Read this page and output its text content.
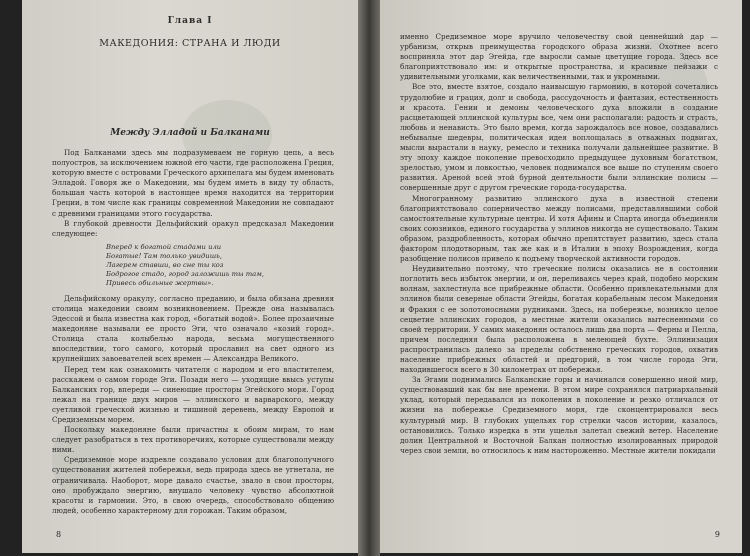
Глава I
МАКЕДОНИЯ: СТРАНА И ЛЮДИ
Между Элладой и Балканами

Под Балканами здесь мы подразумеваем не горную цепь, а весь полуостров, за исключением южной его части, где расположена Греция, которую вместе с островами Греческого архипелага мы будем именовать Элладой. Говоря же о Македонии, мы будем иметь в виду ту область, большая часть которой в настоящее время находится на территории Греции, в том числе как границы современной Македонии не совпадают с древними границами этого государства.

В глубокой древности Дельфийский оракул предсказал Македонии следующее:

Вперед к богатой стадами или
Богатые! Там только увидишь,
Лагерем ставши, во сне ты коз
Бодрогое стадо, город заложишь ты там,
Привесь обильные жертвы».

Дельфийскому оракулу, согласно преданию, и была обязана древняя столица македонии своим возникновением. Прежде она называлась Эдессой и была известна как город, «богатый водой». Более прозаичные македоняне называли ее просто Эги, что означало «козий город». Столица стала колыбелью народа, весьма могущественного впоследствии, того самого, который прославил на свет одного из крупнейших завоевателей всех времен — Александра Великого.

Перед тем как ознакомить читателя с народом и его властителем, расскажем о самом городе Эги. Позади него — уходящие ввысь уступы Балканских гор, впереди — синеющие просторы Эгейского моря. Город лежал на границе двух миров — эллинского и варварского, между суетливой греческой жизнью и тишиной деревень, между Европой и Средиземным морем.

Поскольку македоняне были причастны к обоим мирам, то нам следует разобраться в тех противоречиях, которые существовали между ними.

Средиземное море издревле создавало условия для благополучного существования жителей побережья, ведь природа здесь не угнетала, не ограничивала. Наоборот, море давало счастье, звало в свои просторы, оно пробуждало энергию, внушало человеку чувство абсолютной красоты и гармонии. Это, в свою очередь, способствовало общению людей, особенно характерному для горожан. Таким образом,

8

именно Средиземное море вручило человечеству свой ценнейший дар — урбанизм, открыв преимущества городского образа жизни. Охотнее всего восприняла этот дар Эгейда, где выросли самые цветущие города. Здесь все благоприятствовало им: и открытые пространства, и красивые пейзажи с удивительными уголками, как величественными, так и укромными.

Все это, вместе взятое, создало наивысшую гармонию, в которой сочетались трудолюбие и грация, долг и свобода, рассудочность и фантазия, естественность и красота. Гении и демоны человеческого духа вложили в создание расцветающей эллинской культуры все, чем они располагали: радость и страсть, любовь и ненависть. Это было время, когда зарождалось все новое, создавались небывалые шедевры, политическая идея воплощалась в отважных подвигах, мысли вырастали в науку, ремесло и техника получали дальнейшее развитие. В эту эпоху каждое поколение превосходило предыдущее духовным богатством, зрелостью, умом и ловкостью, человек поднимался все выше по ступеням своего развития. Ареной всей этой бурной деятельности были эллинские полисы — совершенные друг с другом греческие города-государства.

Многогранному развитию эллинского духа в известной степени благоприятствовало соперничество между полисами, представлявшими собой самостоятельные культурные центры. И хотя Афины и Спарта иногда объединяли своих союзников, единого государства у эллинов никогда не существовало. Таким образом, раздробленность, которая обычно препятствует развитию, здесь стала фактором плодотворным, так же как и в Италии в эпоху Возрождения, когда разобщение полисов привело к подъему творческой активности городов.

Неудивительно поэтому, что греческие полисы оказались не в состоянии поглотить весь избыток энергии, и он, переливаясь через край, подобно морским волнам, захлестнула все прибрежные области. Особенно привлекательными для эллинов были северные области Эгейды, богатая корабельным лесом Македония и Фракия с ее золотоносными рудниками. Здесь, на побережье, возникло целое сецветие эллинских городов, а местные жители оказались вытесненными со своей территории. У самих македонян осталось лишь два порта — Ферны и Пелла, причем последняя была расположена в мелеющей бухте. Эллинизация распространилась далеко за пределы собственно греческих городов, охватив население прибрежных областей и предгорий, в том числе города Эги, находившегося всего в 30 километрах от побережья.

За Эгами поднимались Балканские горы и начинался совершенно иной мир, существовавший как бы вне времени. В этом мире сохранялся патриархальный уклад, который передавался из поколения в поколение и резко отличался от жизни на побережье Средиземного моря, где сконцентрировался весь культурный мир. В глубоких ущельях гор стрелки часов истории, казалось, остановились. Только изредка в эти ущелья залетал свежий ветер. Население долин Центральной и Восточной Балкан полностью изолированных природой через свои земли, во относилось к ним настороженно. Местные жители покидали

9
